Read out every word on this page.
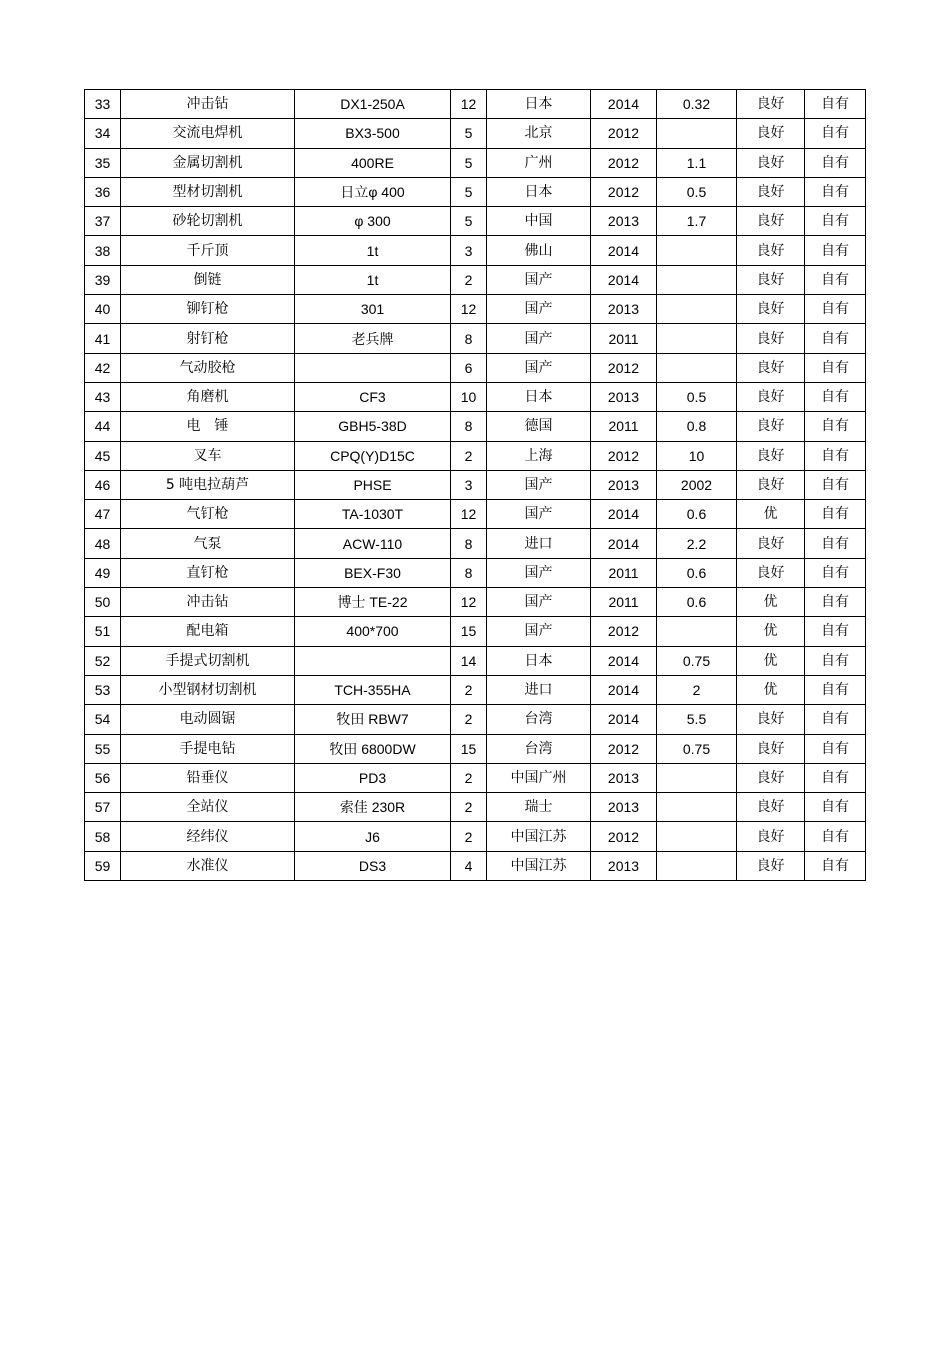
33	冲击钻	DX1-250A	12	日本	2014	0.32	良好	自有
34	交流电焊机	BX3-500	5	北京	2012		良好	自有
35	金属切割机	400RE	5	广州	2012	1.1	良好	自有
36	型材切割机	日立φ 400	5	日本	2012	0.5	良好	自有
37	砂轮切割机	φ 300	5	中国	2013	1.7	良好	自有
38	千斤顶	1t	3	佛山	2014		良好	自有
39	倒链	1t	2	国产	2014		良好	自有
40	铆钉枪	301	12	国产	2013		良好	自有
41	射钉枪	老兵牌	8	国产	2011		良好	自有
42	气动胶枪		6	国产	2012		良好	自有
43	角磨机	CF3	10	日本	2013	0.5	良好	自有
44	电　锤	GBH5-38D	8	德国	2011	0.8	良好	自有
45	叉车	CPQ(Y)D15C	2	上海	2012	10	良好	自有
46	5 吨电拉葫芦	PHSE	3	国产	2013	2002	良好	自有
47	气钉枪	TA-1030T	12	国产	2014	0.6	优	自有
48	气泵	ACW-110	8	进口	2014	2.2	良好	自有
49	直钉枪	BEX-F30	8	国产	2011	0.6	良好	自有
50	冲击钻	博士 TE-22	12	国产	2011	0.6	优	自有
51	配电箱	400*700	15	国产	2012		优	自有
52	手提式切割机		14	日本	2014	0.75	优	自有
53	小型钢材切割机	TCH-355HA	2	进口	2014	2	优	自有
54	电动圆锯	牧田 RBW7	2	台湾	2014	5.5	良好	自有
55	手提电钻	牧田 6800DW	15	台湾	2012	0.75	良好	自有
56	铅垂仪	PD3	2	中国广州	2013		良好	自有
57	全站仪	索佳 230R	2	瑞士	2013		良好	自有
58	经纬仪	J6	2	中国江苏	2012		良好	自有
59	水准仪	DS3	4	中国江苏	2013		良好	自有
